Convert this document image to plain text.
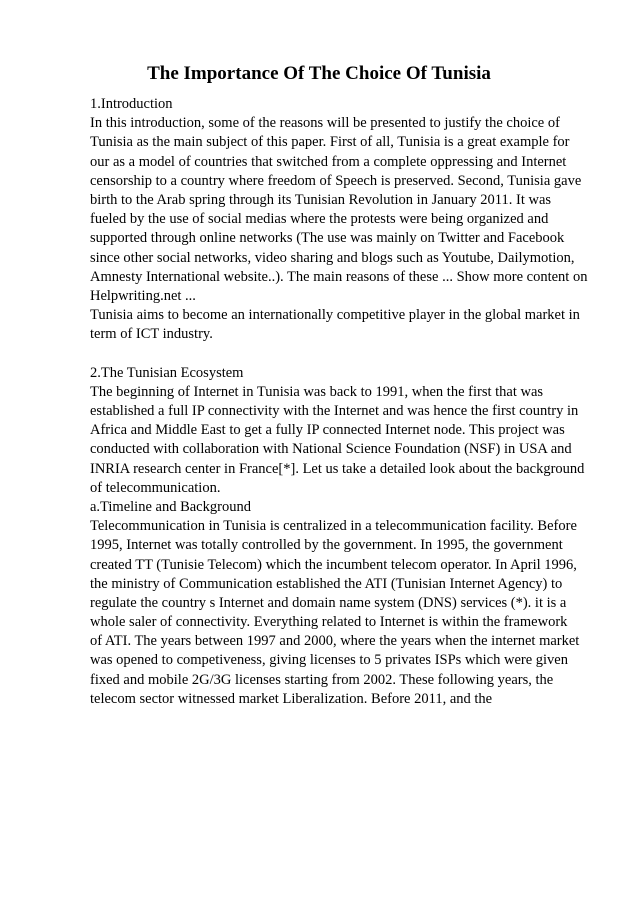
The Importance Of The Choice Of Tunisia
1.Introduction
In this introduction, some of the reasons will be presented to justify the choice of
Tunisia as the main subject of this paper. First of all, Tunisia is a great example for
our as a model of countries that switched from a complete oppressing and Internet
censorship to a country where freedom of Speech is preserved. Second, Tunisia gave
birth to the Arab spring through its Tunisian Revolution in January 2011. It was
fueled by the use of social medias where the protests were being organized and
supported through online networks (The use was mainly on Twitter and Facebook
since other social networks, video sharing and blogs such as Youtube, Dailymotion,
Amnesty International website..). The main reasons of these ... Show more content on
Helpwriting.net ...
Tunisia aims to become an internationally competitive player in the global market in
term of ICT industry.
2.The Tunisian Ecosystem
The beginning of Internet in Tunisia was back to 1991, when the first that was
established a full IP connectivity with the Internet and was hence the first country in
Africa and Middle East to get a fully IP connected Internet node. This project was
conducted with collaboration with National Science Foundation (NSF) in USA and
INRIA research center in France[*]. Let us take a detailed look about the background
of telecommunication.
a.Timeline and Background
Telecommunication in Tunisia is centralized in a telecommunication facility. Before
1995, Internet was totally controlled by the government. In 1995, the government
created TT (Tunisie Telecom) which the incumbent telecom operator. In April 1996,
the ministry of Communication established the ATI (Tunisian Internet Agency) to
regulate the country s Internet and domain name system (DNS) services (*). it is a
whole saler of connectivity. Everything related to Internet is within the framework
of ATI. The years between 1997 and 2000, where the years when the internet market
was opened to competiveness, giving licenses to 5 privates ISPs which were given
fixed and mobile 2G/3G licenses starting from 2002. These following years, the
telecom sector witnessed market Liberalization. Before 2011, and the
